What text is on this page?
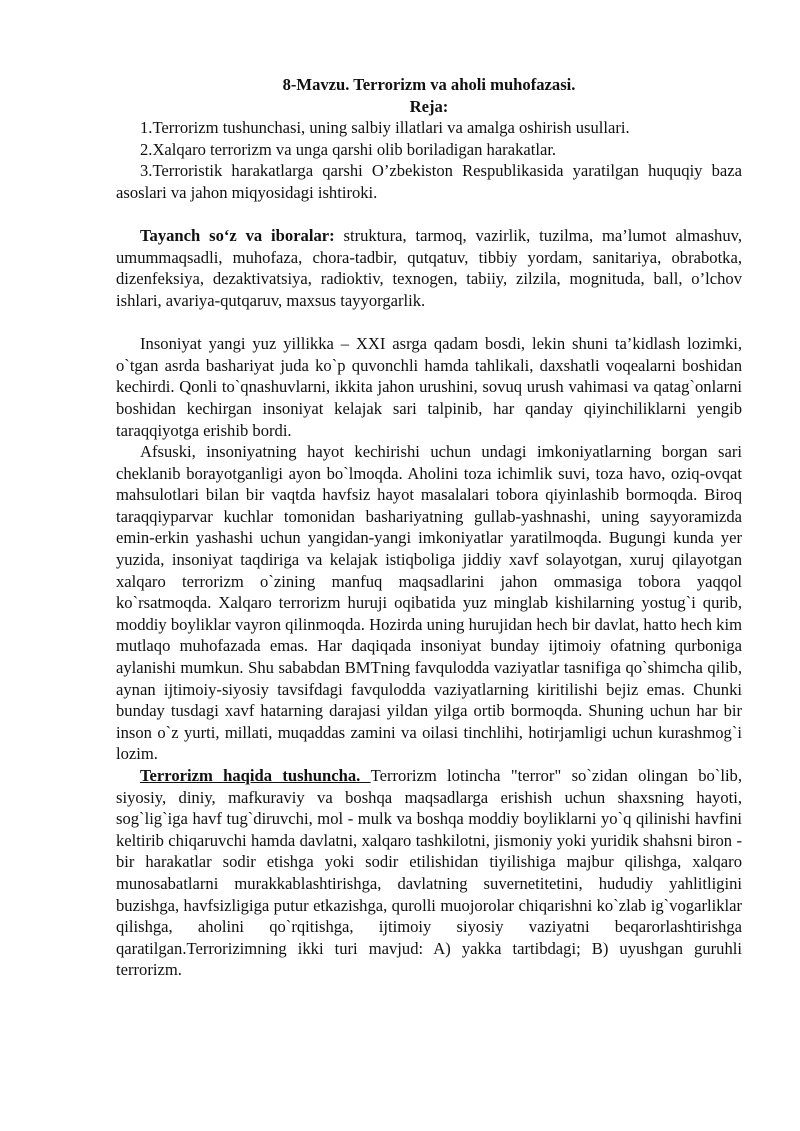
8-Mavzu. Terrorizm va aholi muhofazasi.
Reja:
1.Terrorizm tushunchasi, uning salbiy illatlari va amalga oshirish usullari.
2.Xalqaro terrorizm va unga qarshi olib boriladigan harakatlar.
3.Terroristik harakatlarga qarshi O’zbekiston Respublikasida yaratilgan huquqiy baza asoslari va jahon miqyosidagi ishtiroki.

Tayanch so‘z va iboralar: struktura, tarmoq, vazirlik, tuzilma, ma’lumot almashuv, umummaqsadli, muhofaza, chora-tadbir, qutqatuv, tibbiy yordam, sanitariya, obrabotka, dizenfeksiya, dezaktivatsiya, radioktiv, texnogen, tabiiy, zilzila, mognituda, ball, o’lchov ishlari, avariya-qutqaruv, maxsus tayyorgarlik.

Insoniyat yangi yuz yillikka – XXI asrga qadam bosdi, lekin shuni ta’kidlash lozimki, o`tgan asrda bashariyat juda ko`p quvonchli hamda tahlikali, daxshatli voqealarni boshidan kechirdi. Qonli to`qnashuvlarni, ikkita jahon urushini, sovuq urush vahimasi va qatag`onlarni boshidan kechirgan insoniyat kelajak sari talpinib, har qanday qiyinchiliklarni yengib taraqqiyotga erishib bordi.

Afsuski, insoniyatning hayot kechirishi uchun undagi imkoniyatlarning borgan sari cheklanib borayotganligi ayon bo`lmoqda. Aholini toza ichimlik suvi, toza havo, oziq-ovqat mahsulotlari bilan bir vaqtda havfsiz hayot masalalari tobora qiyinlashib bormoqda. Biroq taraqqiyparvar kuchlar tomonidan bashariyatning gullab-yashnashi, uning sayyoramizda emin-erkin yashashi uchun yangidan-yangi imkoniyatlar yaratilmoqda. Bugungi kunda yer yuzida, insoniyat taqdiriga va kelajak istiqboliga jiddiy xavf solayotgan, xuruj qilayotgan xalqaro terrorizm o`zining manfuq maqsadlarini jahon ommasiga tobora yaqqol ko`rsatmoqda. Xalqaro terrorizm huruji oqibatida yuz minglab kishilarning yostug`i qurib, moddiy boyliklar vayron qilinmoqda. Hozirda uning hurujidan hech bir davlat, hatto hech kim mutlaqo muhofazada emas. Har daqiqada insoniyat bunday ijtimoiy ofatning qurboniga aylanishi mumkun. Shu sababdan BMTning favqulodda vaziyatlar tasnifiga qo`shimcha qilib, aynan ijtimoiy-siyosiy tavsifdagi favqulodda vaziyatlarning kiritilishi bejiz emas. Chunki bunday tusdagi xavf hatarning darajasi yildan yilga ortib bormoqda. Shuning uchun har bir inson o`z yurti, millati, muqaddas zamini va oilasi tinchlihi, hotirjamligi uchun kurashmog`i lozim.

Terrorizm haqida tushuncha. Terrorizm lotincha "terror" so`zidan olingan bo`lib, siyosiy, diniy, mafkuraviy va boshqa maqsadlarga erishish uchun shaxsning hayoti, sog`lig`iga havf tug`diruvchi, mol - mulk va boshqa moddiy boyliklarni yo`q qilinishi havfini keltirib chiqaruvchi hamda davlatni, xalqaro tashkilotni, jismoniy yoki yuridik shahsni biron - bir harakatlar sodir etishga yoki sodir etilishidan tiyilishiga majbur qilishga, xalqaro munosabatlarni murakkablashtirishga, davlatning suvernetitetini, hududiy yahlitligini buzishga, havfsizligiga putur etkazishga, qurolli muojorolar chiqarishni ko`zlab ig`vogarliklar qilishga, aholini qo`rqitishga, ijtimoiy siyosiy vaziyatni beqarorlashtirishga qaratilgan.Terrorizimning ikki turi mavjud: A) yakka tartibdagi; B) uyushgan guruhli terrorizm.
